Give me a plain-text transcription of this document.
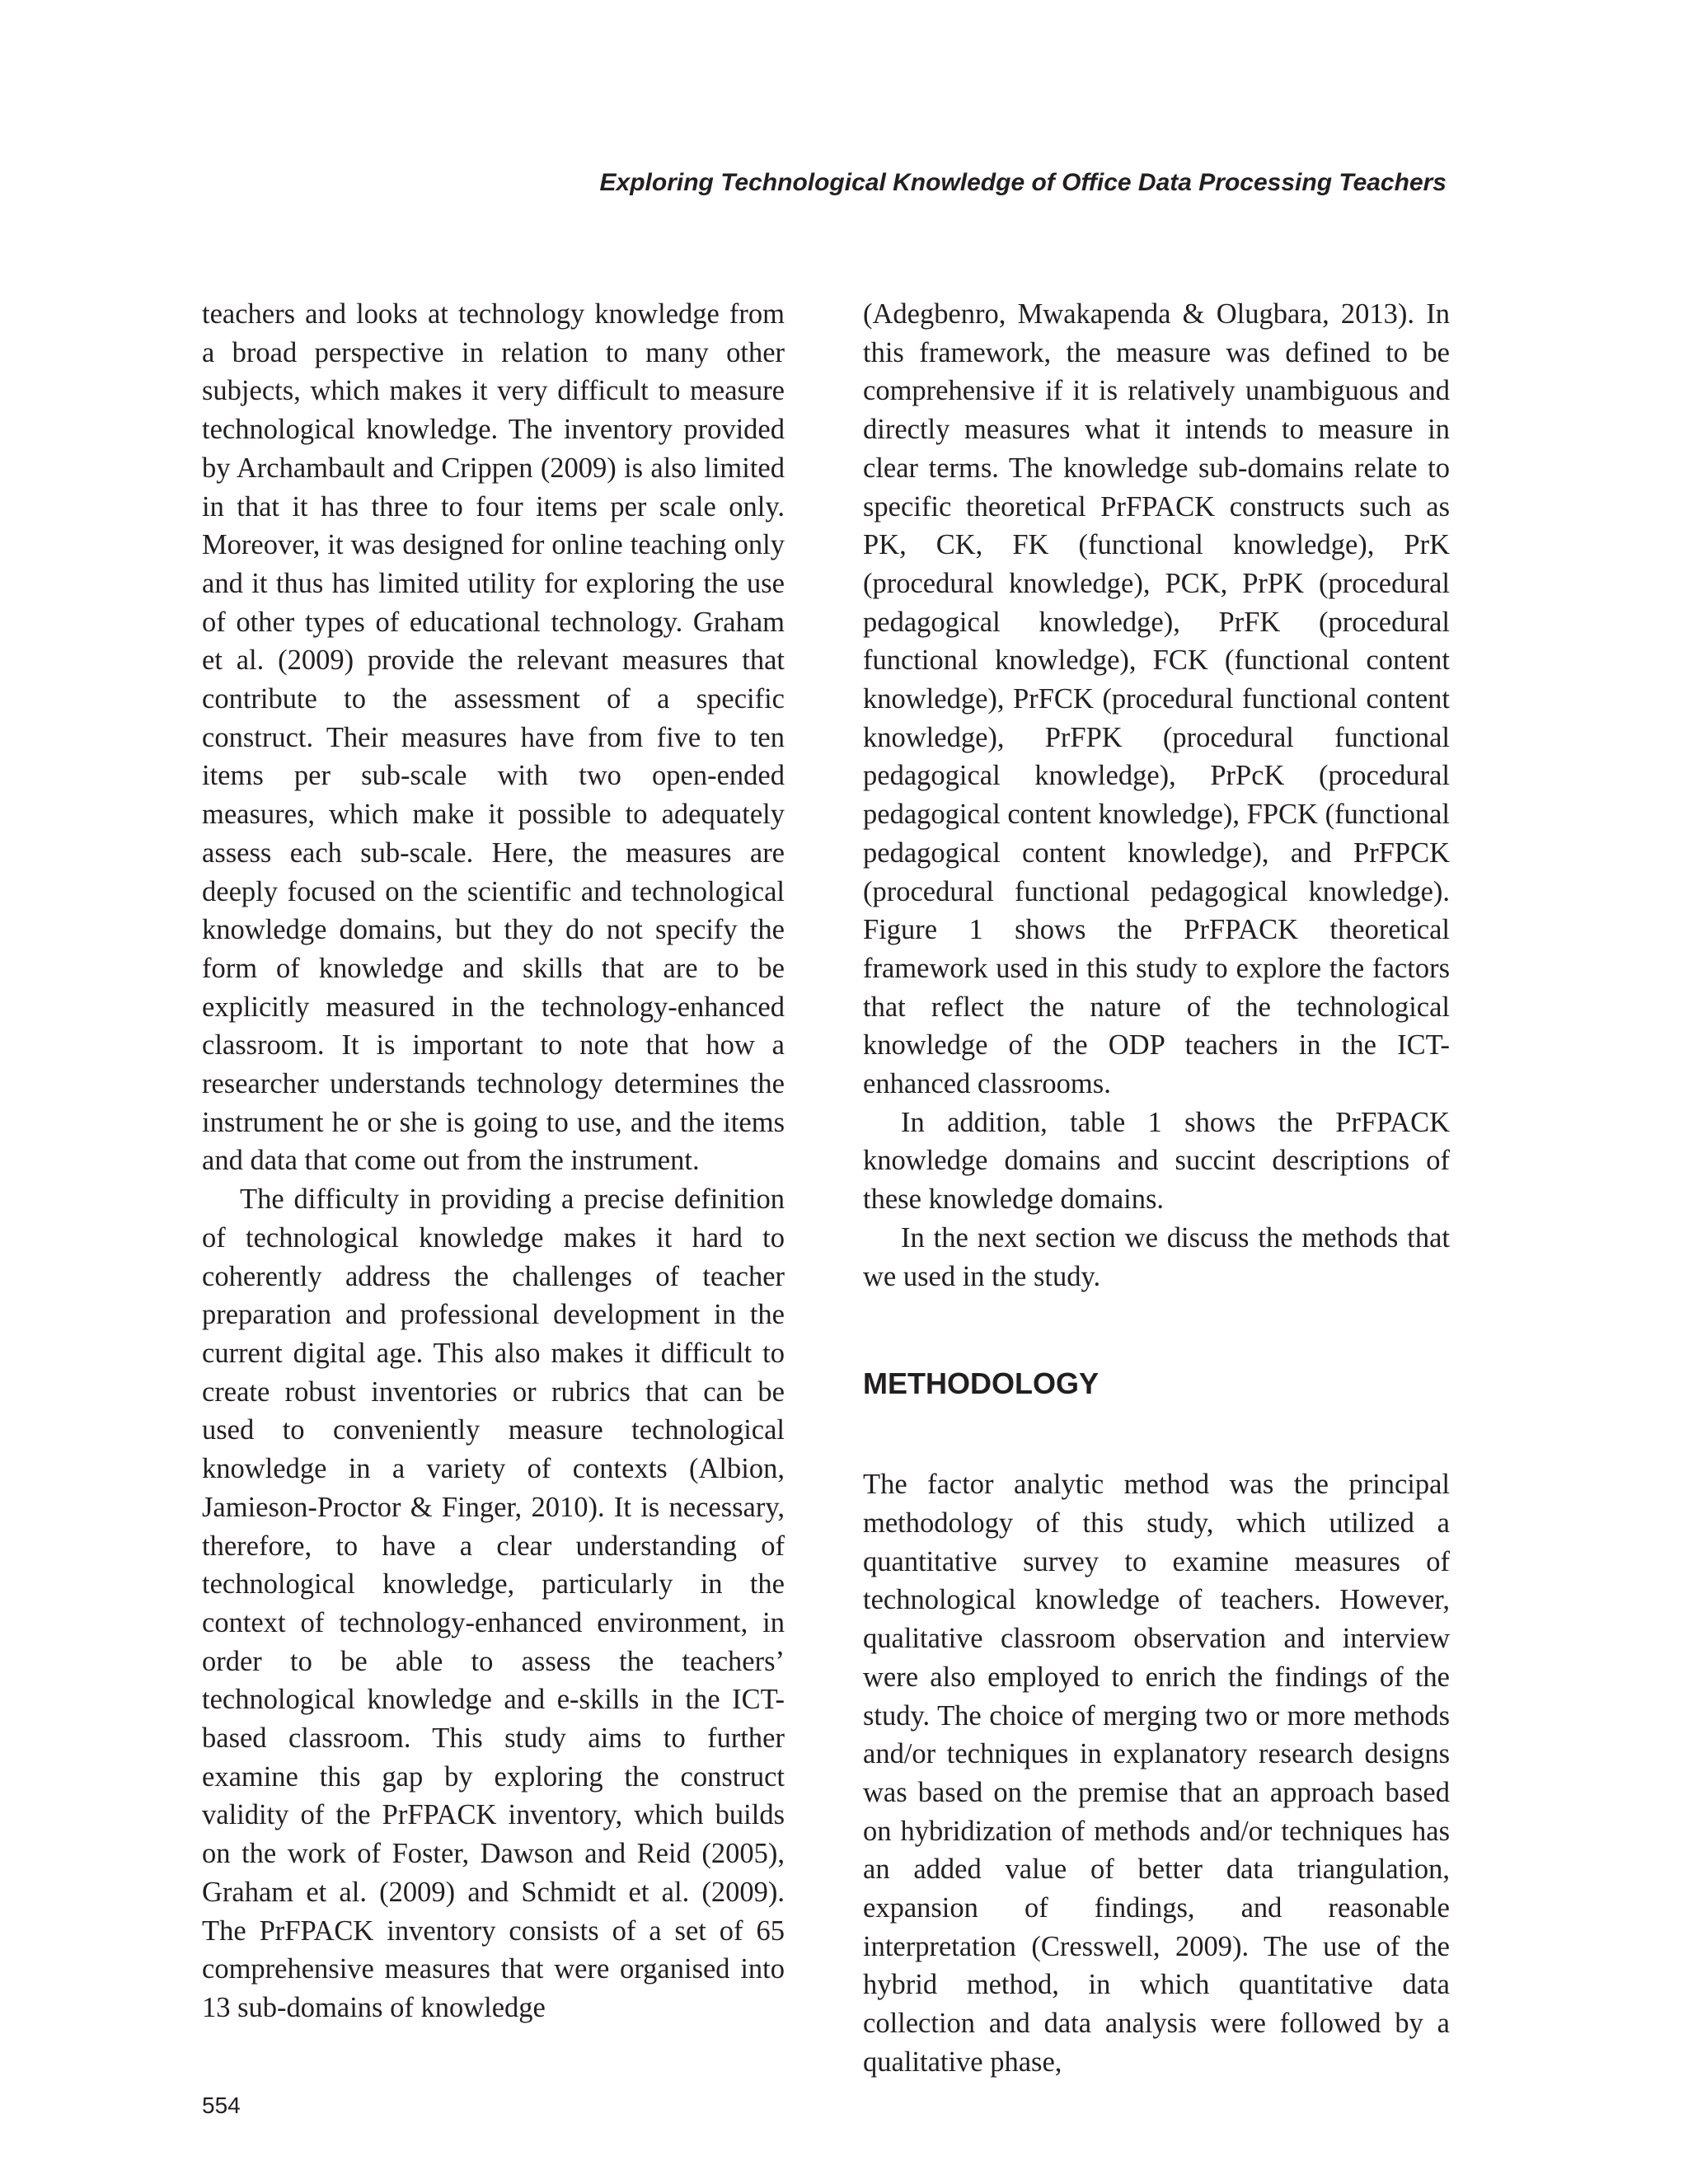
Exploring Technological Knowledge of Office Data Processing Teachers

teachers and looks at technology knowledge from a broad perspective in relation to many other subjects, which makes it very difficult to measure technological knowledge. The inventory provided by Archambault and Crippen (2009) is also limited in that it has three to four items per scale only. Moreover, it was designed for online teaching only and it thus has limited utility for exploring the use of other types of educational technology. Graham et al. (2009) provide the relevant measures that contribute to the assessment of a specific construct. Their measures have from five to ten items per sub-scale with two open-ended measures, which make it possible to adequately assess each sub-scale. Here, the measures are deeply focused on the scientific and technological knowledge domains, but they do not specify the form of knowledge and skills that are to be explicitly measured in the technology-enhanced classroom. It is important to note that how a researcher understands technology determines the instrument he or she is going to use, and the items and data that come out from the instrument.

The difficulty in providing a precise definition of technological knowledge makes it hard to coherently address the challenges of teacher preparation and professional development in the current digital age. This also makes it difficult to create robust inventories or rubrics that can be used to conveniently measure technological knowledge in a variety of contexts (Albion, Jamieson-Proctor & Finger, 2010). It is necessary, therefore, to have a clear understanding of technological knowledge, particularly in the context of technology-enhanced environment, in order to be able to assess the teachers’ technological knowledge and e-skills in the ICT-based classroom. This study aims to further examine this gap by exploring the construct validity of the PrFPACK inventory, which builds on the work of Foster, Dawson and Reid (2005), Graham et al. (2009) and Schmidt et al. (2009). The PrFPACK inventory consists of a set of 65 comprehensive measures that were organised into 13 sub-domains of knowledge

(Adegbenro, Mwakapenda & Olugbara, 2013). In this framework, the measure was defined to be comprehensive if it is relatively unambiguous and directly measures what it intends to measure in clear terms. The knowledge sub-domains relate to specific theoretical PrFPACK constructs such as PK, CK, FK (functional knowledge), PrK (procedural knowledge), PCK, PrPK (procedural pedagogical knowledge), PrFK (procedural functional knowledge), FCK (functional content knowledge), PrFCK (procedural functional content knowledge), PrFPK (procedural functional pedagogical knowledge), PrPcK (procedural pedagogical content knowledge), FPCK (functional pedagogical content knowledge), and PrFPCK (procedural functional pedagogical knowledge). Figure 1 shows the PrFPACK theoretical framework used in this study to explore the factors that reflect the nature of the technological knowledge of the ODP teachers in the ICT-enhanced classrooms.

In addition, table 1 shows the PrFPACK knowledge domains and succint descriptions of these knowledge domains.

In the next section we discuss the methods that we used in the study.

METHODOLOGY

The factor analytic method was the principal methodology of this study, which utilized a quantitative survey to examine measures of technological knowledge of teachers. However, qualitative classroom observation and interview were also employed to enrich the findings of the study. The choice of merging two or more methods and/or techniques in explanatory research designs was based on the premise that an approach based on hybridization of methods and/or techniques has an added value of better data triangulation, expansion of findings, and reasonable interpretation (Cresswell, 2009). The use of the hybrid method, in which quantitative data collection and data analysis were followed by a qualitative phase,

554
